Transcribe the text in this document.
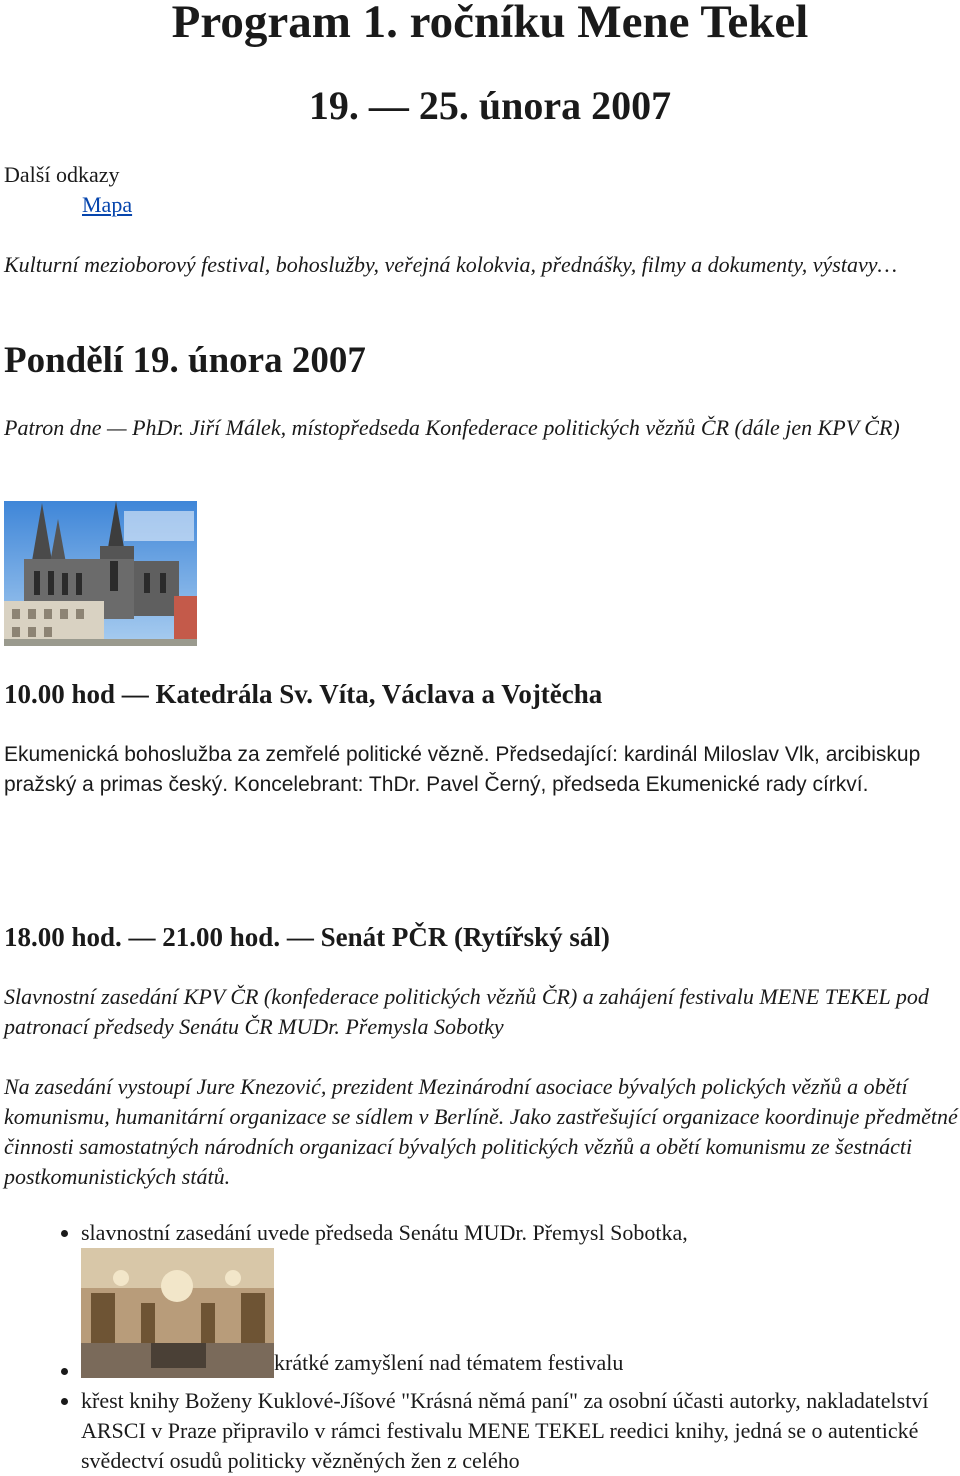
Program 1. ročníku Mene Tekel
19. — 25. února 2007
Další odkazy
Mapa

Kulturní mezioborový festival, bohoslužby, veřejná kolokvia, přednášky, filmy a dokumenty, výstavy…

Pondělí 19. února 2007

Patron dne — PhDr. Jiří Málek, místopředseda Konfederace politických vězňů ČR (dále jen KPV ČR)

10.00 hod — Katedrála Sv. Víta, Václava a Vojtěcha

Ekumenická bohoslužba za zemřelé politické vězně. Předsedající: kardinál Miloslav Vlk, arcibiskup pražský a primas český. Koncelebrant: ThDr. Pavel Černý, předseda Ekumenické rady církví.

18.00 hod. — 21.00 hod. — Senát PČR (Rytířský sál)

Slavnostní zasedání KPV ČR (konfederace politických vězňů ČR) a zahájení festivalu MENE TEKEL pod patronací předsedy Senátu ČR MUDr. Přemysla Sobotky

Na zasedání vystoupí Jure Knezović, prezident Mezinárodní asociace bývalých polických vězňů a obětí komunismu, humanitární organizace se sídlem v Berlíně. Jako zastřešující organizace koordinuje předmětné činnosti samostatných národních organizací bývalých politických vězňů a obětí komunismu ze šestnácti postkomunistických států.

• slavnostní zasedání uvede předseda Senátu MUDr. Přemysl Sobotka,
• krátké zamyšlení nad tématem festivalu
• křest knihy Boženy Kuklové-Jíšové "Krásná němá paní" za osobní účasti autorky, nakladatelství ARSCI v Praze připravilo v rámci festivalu MENE TEKEL reedici knihy, jedná se o autentické svědectví osudů politicky vězněných žen z celého
